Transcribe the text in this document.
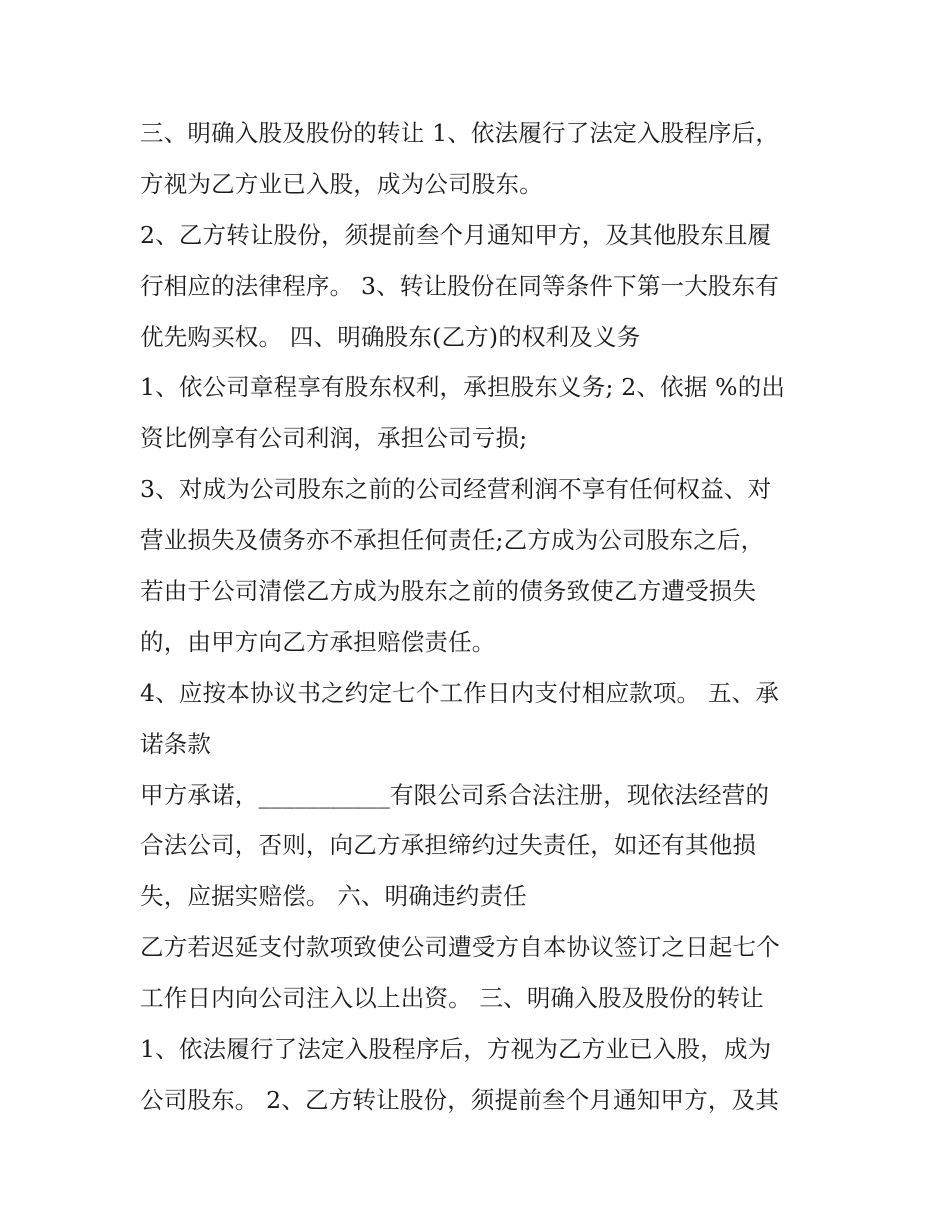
三、明确入股及股份的转让 1、依法履行了法定入股程序后，
方视为乙方业已入股，成为公司股东。
2、乙方转让股份，须提前叁个月通知甲方，及其他股东且履
行相应的法律程序。 3、转让股份在同等条件下第一大股东有
优先购买权。 四、明确股东(乙方)的权利及义务
1、依公司章程享有股东权利，承担股东义务; 2、依据 %的出
资比例享有公司利润，承担公司亏损;
3、对成为公司股东之前的公司经营利润不享有任何权益、对
营业损失及债务亦不承担任何责任;乙方成为公司股东之后，
若由于公司清偿乙方成为股东之前的债务致使乙方遭受损失
的，由甲方向乙方承担赔偿责任。
4、应按本协议书之约定七个工作日内支付相应款项。 五、承
诺条款
甲方承诺，___________有限公司系合法注册，现依法经营的
合法公司，否则，向乙方承担缔约过失责任，如还有其他损
失，应据实赔偿。 六、明确违约责任
乙方若迟延支付款项致使公司遭受方自本协议签订之日起七个
工作日内向公司注入以上出资。 三、明确入股及股份的转让
1、依法履行了法定入股程序后，方视为乙方业已入股，成为
公司股东。 2、乙方转让股份，须提前叁个月通知甲方，及其
